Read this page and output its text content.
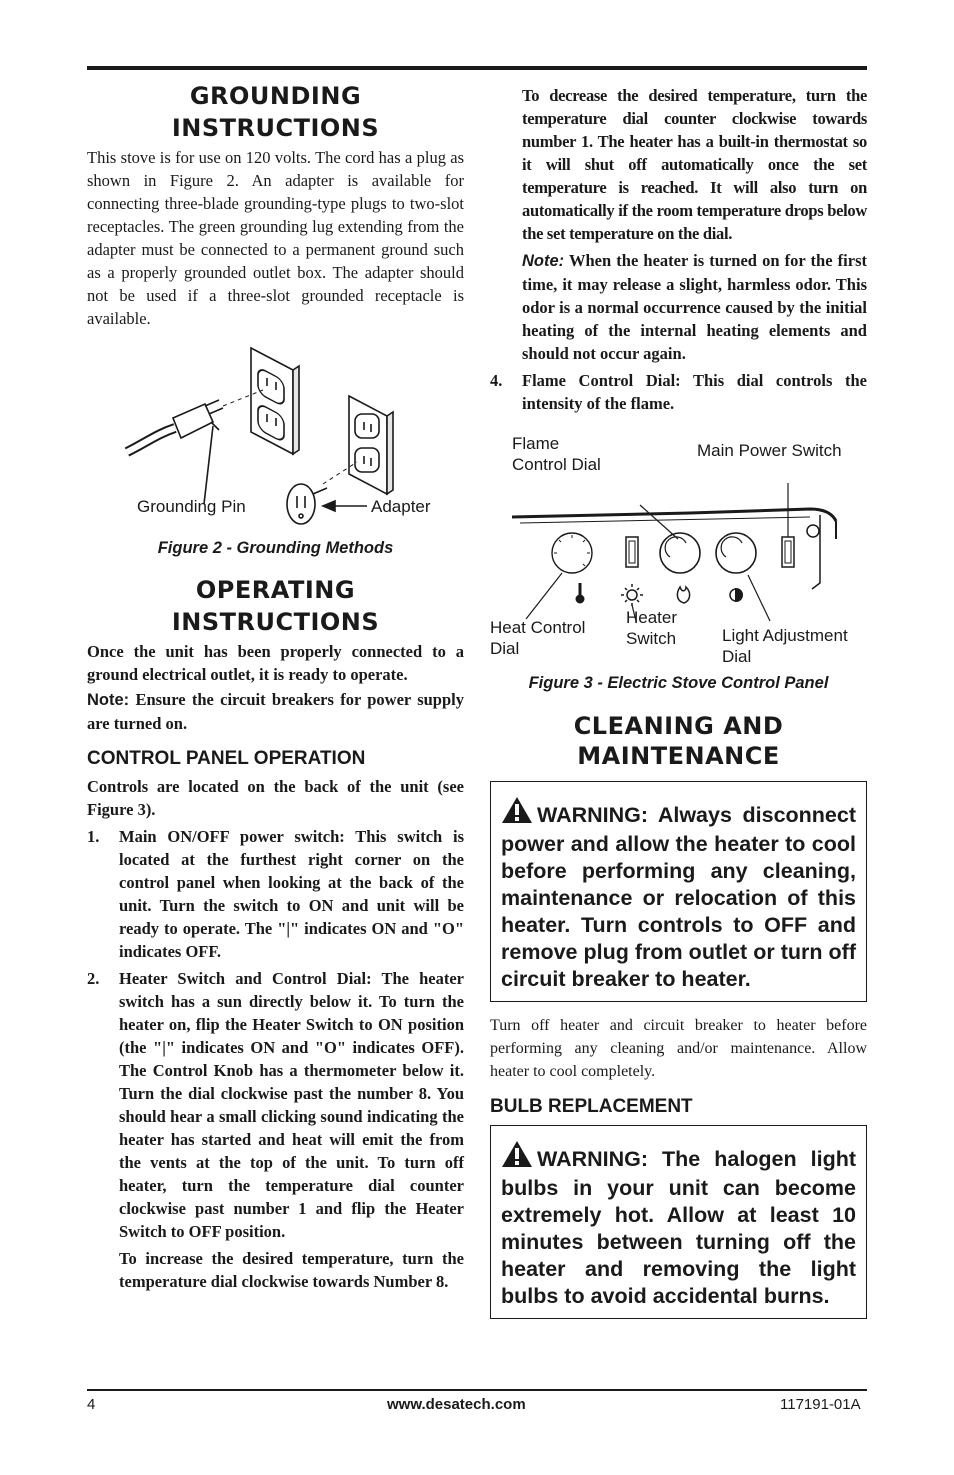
GROUNDING
INSTRUCTIONS

This stove is for use on 120 volts. The cord has a plug as shown in Figure 2. An adapter is available for connecting three-blade grounding-type plugs to two-slot receptacles. The green grounding lug extending from the adapter must be connected to a permanent ground such as a properly grounded outlet box. The adapter should not be used if a three-slot grounded receptacle is available.

Grounding Pin	Adapter

Figure 2 - Grounding Methods

OPERATING
INSTRUCTIONS

Once the unit has been properly connected to a ground electrical outlet, it is ready to operate.

Note: Ensure the circuit breakers for power supply are turned on.

CONTROL PANEL OPERATION

Controls are located on the back of the unit (see Figure 3).

1. Main ON/OFF power switch: This switch is located at the furthest right corner on the control panel when looking at the back of the unit. Turn the switch to ON and unit will be ready to operate. The "|" indicates ON and "O" indicates OFF.
2. Heater Switch and Control Dial: The heater switch has a sun directly below it. To turn the heater on, flip the Heater Switch to ON position (the "|" indicates ON and "O" indicates OFF). The Control Knob has a thermometer below it. Turn the dial clockwise past the number 8. You should hear a small clicking sound indicating the heater has started and heat will emit the from the vents at the top of the unit. To turn off heater, turn the temperature dial counter clockwise past number 1 and flip the Heater Switch to OFF position.
To increase the desired temperature, turn the temperature dial clockwise towards Number 8.
To decrease the desired temperature, turn the temperature dial counter clockwise towards number 1. The heater has a built-in thermostat so it will shut off automatically once the set temperature is reached. It will also turn on automatically if the room temperature drops below the set temperature on the dial.
Note: When the heater is turned on for the first time, it may release a slight, harmless odor. This odor is a normal occurrence caused by the initial heating of the internal heating elements and should not occur again.
4. Flame Control Dial: This dial controls the intensity of the flame.
Flame
Control Dial
Main Power Switch
Heat Control
Dial
Heater
Switch	Light Adjustment
Dial

Figure 3 - Electric Stove Control Panel

CLEANING AND
MAINTENANCE
WARNING: Always disconnect power and allow the heater to cool before performing any cleaning, maintenance or relocation of this heater. Turn controls to OFF and remove plug from outlet or turn off circuit breaker to heater.

Turn off heater and circuit breaker to heater before performing any cleaning and/or maintenance. Allow heater to cool completely.

BULB REPLACEMENT
WARNING: The halogen light bulbs in your unit can become extremely hot. Allow at least 10 minutes between turning off the heater and removing the light bulbs to avoid accidental burns.
4	www.desatech.com	117191-01A
